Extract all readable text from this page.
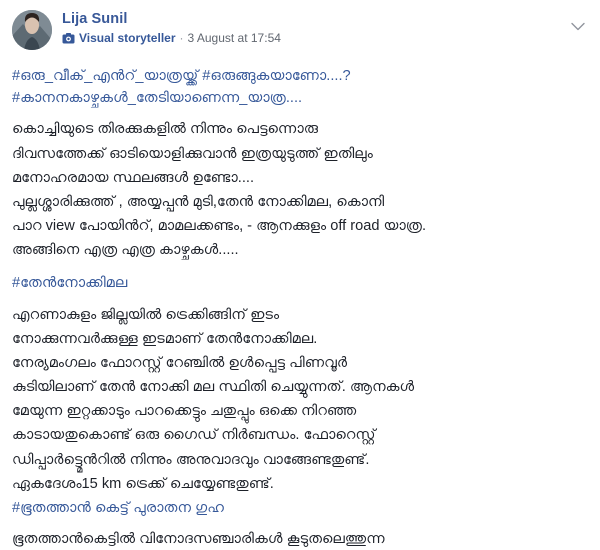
Lija Sunil
Visual storyteller · 3 August at 17:54
#ഒരു_വീക്_എൻറ്_യാത്രയ്ക്ക് #ഒരുങ്ങുകയാണോ....?
#കാനനകാഴ്ചകൾ_തേടിയാണെന്ന_യാത്ര....
കൊച്ചിയുടെ തിരക്കുകളിൽ നിന്നും പെട്ടന്നൊരു
ദിവസത്തേക്ക് ഓടിയൊളിക്കുവാൻ ഇത്രയുടുത്ത് ഇതിലും
മനോഹരമായ സ്ഥലങ്ങൾ ഉണ്ടോ....
പുല്ലശ്ശാരിക്കുത്ത് , അയ്യപ്പൻ മുടി,തേൻ നോക്കിമല, കൊനി
പാറ view പോയിൻറ്, മാമലക്കണ്ടം, - ആനക്കുളം off road യാത്ര.
അങ്ങിനെ എത്ര എത്ര കാഴ്ചകൾ.....
#തേൻനോക്കിമല
എറണാകുളം ജില്ലയിൽ ട്രെക്കിങ്ങിന് ഇടം
നോക്കുന്നവർക്കുള്ള ഇടമാണ് തേൻനോക്കിമല.
നേര്യമംഗലം ഫോറസ്റ്റ് റേഞ്ചിൽ ഉൾപ്പെട്ട പിണവൂർ
കുടിയിലാണ് തേൻ നോക്കി മല സ്ഥിതി ചെയ്യുന്നത്. ആനകൾ
മേയുന്ന ഇറ്റക്കാടും പാറക്കെട്ടും ചതുപ്പും ഒക്കെ നിറഞ്ഞ
കാടായതുകൊണ്ട് ഒരു ഗൈഡ് നിർബന്ധം. ഫോറെസ്റ്റ്
ഡിപ്പാർട്ട്മെൻറിൽ നിന്നും അനുവാദവും വാങ്ങേണ്ടതുണ്ട്.
ഏകദേശം15 km ട്രെക്ക് ചെയ്യേണ്ടതുണ്ട്.
#ഭൂതത്താൻ കെട്ട് പുരാതന ഗുഹ
ഭൂതത്താൻകെട്ടിൽ വിനോദസഞ്ചാരികൾ കൂടുതലെത്തുന്ന
